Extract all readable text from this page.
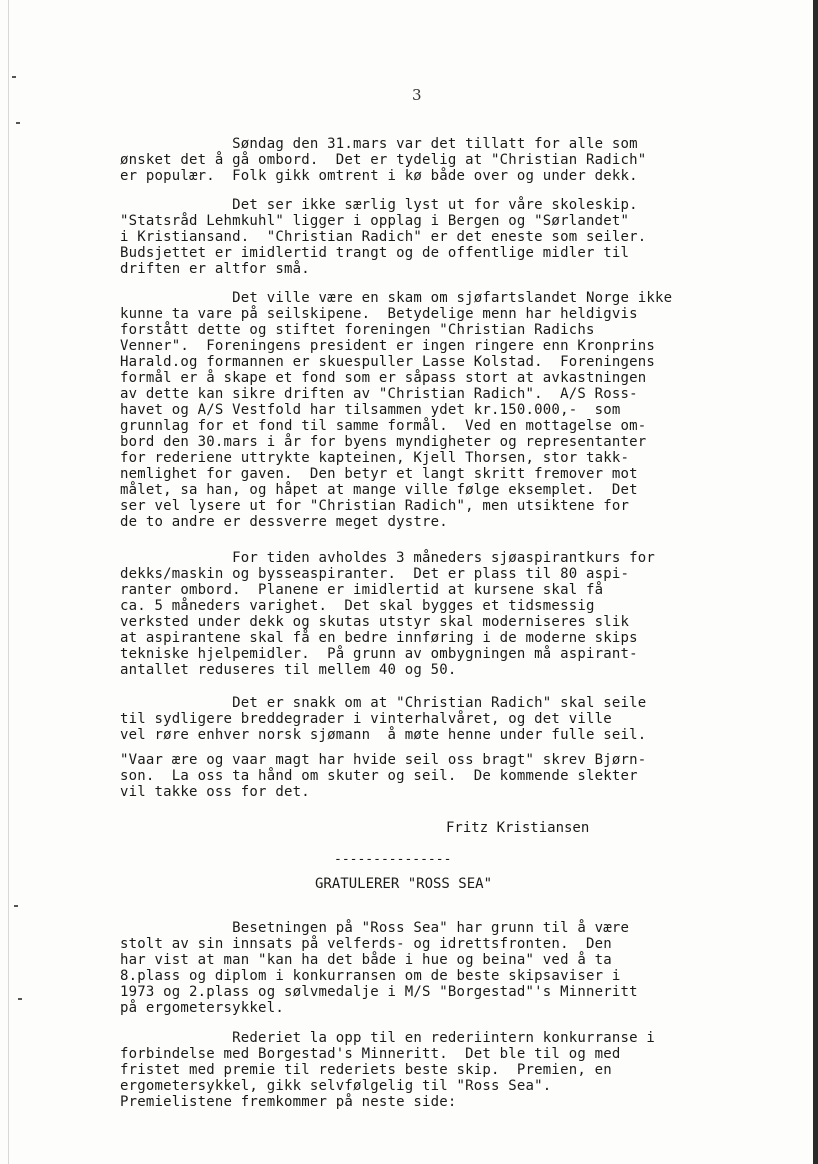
3
Søndag den 31.mars var det tillatt for alle som
ønsket det å gå ombord.  Det er tydelig at "Christian Radich"
er populær.  Folk gikk omtrent i kø både over og under dekk.
Det ser ikke særlig lyst ut for våre skoleskip.
"Statsråd Lehmkuhl" ligger i opplag i Bergen og "Sørlandet"
i Kristiansand.  "Christian Radich" er det eneste som seiler.
Budsjettet er imidlertid trangt og de offentlige midler til
driften er altfor små.
Det ville være en skam om sjøfartslandet Norge ikke
kunne ta vare på seilskipene.  Betydelige menn har heldigvis
forstått dette og stiftet foreningen "Christian Radichs
Venner".  Foreningens president er ingen ringere enn Kronprins
Harald.og formannen er skuespuller Lasse Kolstad.  Foreningens
formål er å skape et fond som er såpass stort at avkastningen
av dette kan sikre driften av "Christian Radich".  A/S Ross-
havet og A/S Vestfold har tilsammen ydet kr.150.000,-  som
grunnlag for et fond til samme formål.  Ved en mottagelse om-
bord den 30.mars i år for byens myndigheter og representanter
for rederiene uttrykte kapteinen, Kjell Thorsen, stor takk-
nemlighet for gaven.  Den betyr et langt skritt fremover mot
målet, sa han, og håpet at mange ville følge eksemplet.  Det
ser vel lysere ut for "Christian Radich", men utsiktene for
de to andre er dessverre meget dystre.
For tiden avholdes 3 måneders sjøaspirantkurs for
dekks/maskin og bysseaspiranter.  Det er plass til 80 aspi-
ranter ombord.  Planene er imidlertid at kursene skal få
ca. 5 måneders varighet.  Det skal bygges et tidsmessig
verksted under dekk og skutas utstyr skal moderniseres slik
at aspirantene skal få en bedre innføring i de moderne skips
tekniske hjelpemidler.  På grunn av ombygningen må aspirant-
antallet reduseres til mellem 40 og 50.
Det er snakk om at "Christian Radich" skal seile
til sydligere breddegrader i vinterhalvåret, og det ville
vel røre enhver norsk sjømann  å møte henne under fulle seil.
"Vaar ære og vaar magt har hvide seil oss bragt" skrev Bjørn-
son.  La oss ta hånd om skuter og seil.  De kommende slekter
vil takke oss for det.
Fritz Kristiansen
---------------
GRATULERER "ROSS SEA"
Besetningen på "Ross Sea" har grunn til å være
stolt av sin innsats på velferds- og idrettsfronten.  Den
har vist at man "kan ha det både i hue og beina" ved å ta
8.plass og diplom i konkurransen om de beste skipsaviser i
1973 og 2.plass og sølvmedalje i M/S "Borgestad"'s Minneritt
på ergometersykkel.
Rederiet la opp til en rederiintern konkurranse i
forbindelse med Borgestad's Minneritt.  Det ble til og med
fristet med premie til rederiets beste skip.  Premien, en
ergometersykkel, gikk selvfølgelig til "Ross Sea".
Premielistene fremkommer på neste side:
